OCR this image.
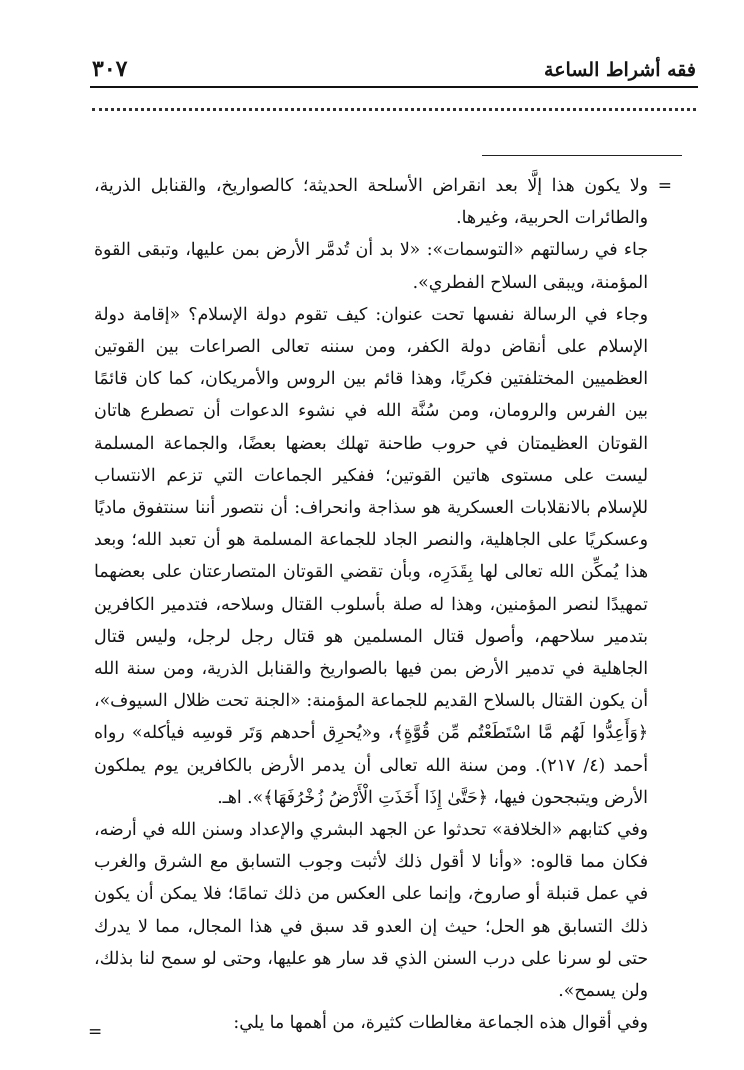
فقه أشراط الساعة
٣٠٧
=

ولا يكون هذا إلَّا بعد انقراض الأسلحة الحديثة؛ كالصواريخ، والقنابل الذرية، والطائرات الحربية، وغيرها.

جاء في رسالتهم «التوسمات»: «لا بد أن تُدمَّر الأرض بمن عليها، وتبقى القوة المؤمنة، ويبقى السلاح الفطري».

وجاء في الرسالة نفسها تحت عنوان: كيف تقوم دولة الإسلام؟ «إقامة دولة الإسلام على أنقاض دولة الكفر، ومن سننه تعالى الصراعات بين القوتين العظميين المختلفتين فكريًا، وهذا قائم بين الروس والأمريكان، كما كان قائمًا بين الفرس والرومان، ومن سُنَّة الله في نشوء الدعوات أن تصطرع هاتان القوتان العظيمتان في حروب طاحنة تهلك بعضها بعضًا، والجماعة المسلمة ليست على مستوى هاتين القوتين؛ ففكير الجماعات التي تزعم الانتساب للإسلام بالانقلابات العسكرية هو سذاجة وانحراف: أن نتصور أننا سنتفوق ماديًا وعسكريًا على الجاهلية، والنصر الجاد للجماعة المسلمة هو أن تعبد الله؛ وبعد هذا يُمكِّن الله تعالى لها بِقَدَرِه، وبأن تقضي القوتان المتصارعتان على بعضهما تمهيدًا لنصر المؤمنين، وهذا له صلة بأسلوب القتال وسلاحه، فتدمير الكافرين بتدمير سلاحهم، وأصول قتال المسلمين هو قتال رجل لرجل، وليس قتال الجاهلية في تدمير الأرض بمن فيها بالصواريخ والقنابل الذرية، ومن سنة الله أن يكون القتال بالسلاح القديم للجماعة المؤمنة: «الجنة تحت ظلال السيوف»، ﴿وَأَعِدُّوا لَهُم مَّا اسْتَطَعْتُم مِّن قُوَّةٍ﴾، و«يُحرِق أحدهم وَتَر قوسِه فيأكله» رواه أحمد (٤/ ٢١٧). ومن سنة الله تعالى أن يدمر الأرض بالكافرين يوم يملكون الأرض ويتبجحون فيها، ﴿حَتَّىٰ إِذَا أَخَذَتِ الْأَرْضُ زُخْرُفَهَا﴾». اهـ.

وفي كتابهم «الخلافة» تحدثوا عن الجهد البشري والإعداد وسنن الله في أرضه، فكان مما قالوه: «وأنا لا أقول ذلك لأثبت وجوب التسابق مع الشرق والغرب في عمل قنبلة أو صاروخ، وإنما على العكس من ذلك تمامًا؛ فلا يمكن أن يكون ذلك التسابق هو الحل؛ حيث إن العدو قد سبق في هذا المجال، مما لا يدرك حتى لو سرنا على درب السنن الذي قد سار هو عليها، وحتى لو سمح لنا بذلك، ولن يسمح».

وفي أقوال هذه الجماعة مغالطات كثيرة، من أهمها ما يلي:

=
